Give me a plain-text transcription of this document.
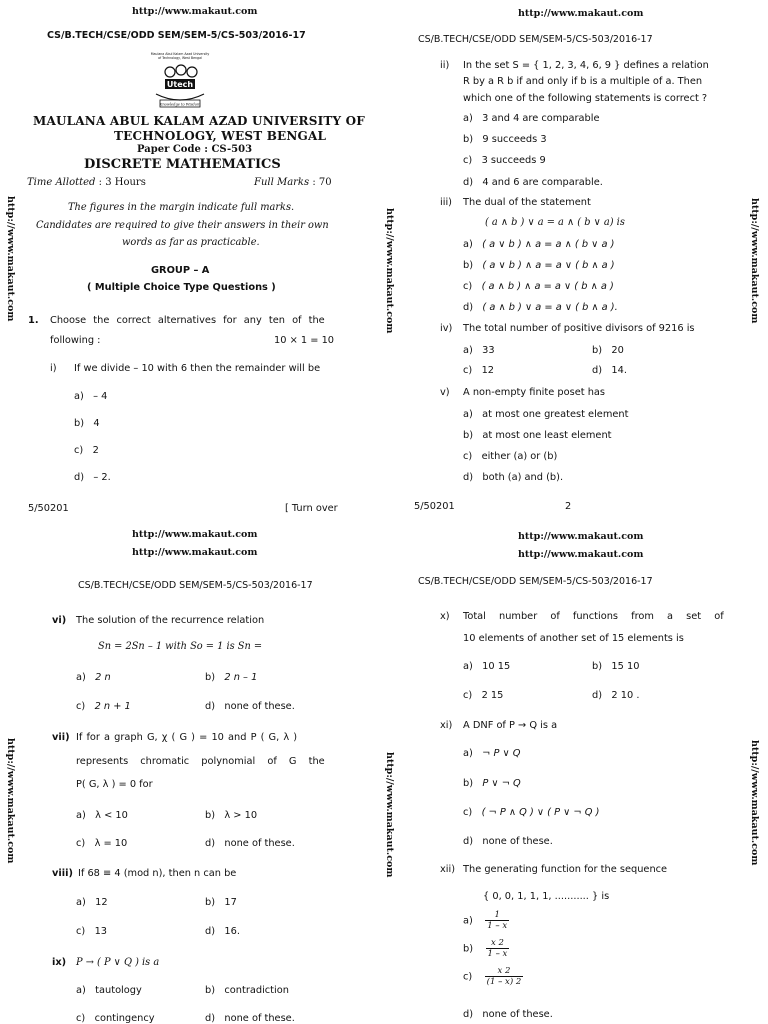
http://www.makaut.com	http://www.makaut.com
http://www.makaut.com
http://www.makaut.com
http://www.makaut.com
http://www.makaut.com
http://www.makaut.com	http://www.makaut.com	http://www.makaut.com
http://www.makaut.com	http://www.makaut.com	http://www.makaut.com
CS/B.TECH/CSE/ODD SEM/SEM-5/CS-503/2016-17
Maulana Abul Kalam Azad University
of Technology, West Bengal
Utech
Knowledge to Wisdom
MAULANA ABUL KALAM AZAD UNIVERSITY OF
TECHNOLOGY, WEST BENGAL
Paper Code : CS-503
DISCRETE MATHEMATICS
Time Allotted : 3 Hours	Full Marks : 70
The figures in the margin indicate full marks.
Candidates are required to give their answers in their own
words as far as practicable.
GROUP – A
( Multiple Choice Type Questions )
1. Choose the correct alternatives for any ten of the
following :	10 × 1 = 10
i) If we divide – 10 with 6 then the remainder will be
a)   – 4
b)   4
c)   2
d)   – 2.
5/50201	[ Turn over
CS/B.TECH/CSE/ODD SEM/SEM-5/CS-503/2016-17
ii) In the set S = { 1, 2, 3, 4, 6, 9 } defines a relation
R by a R b if and only if b is a multiple of a. Then
which one of the following statements is correct ?
a)   3 and 4 are comparable
b)   9 succeeds 3
c)   3 succeeds 9
d)   4 and 6 are comparable.
iii) The dual of the statement
( a ∧ b ) ∨ a = a ∧ ( b ∨ a) is
a)   ( a ∨ b ) ∧ a = a ∧ ( b ∨ a )
b)   ( a ∨ b ) ∧ a = a ∨ ( b ∧ a )
c)   ( a ∧ b ) ∧ a = a ∨ ( b ∧ a )
d)   ( a ∧ b ) ∨ a = a ∨ ( b ∧ a ).
iv) The total number of positive divisors of 9216 is
a)   33	b)   20
c)   12	d)   14.
v) A non-empty finite poset has
a)   at most one greatest element
b)   at most one least element
c)   either (a) or (b)
d)   both (a) and (b).
5/50201	2
CS/B.TECH/CSE/ODD SEM/SEM-5/CS-503/2016-17
vi) The solution of the recurrence relation
Sn = 2Sn – 1 with So = 1 is Sn =
a)   2 n	b)   2 n – 1
c)   2 n + 1	d)   none of these.
vii) If for a graph G, χ ( G ) = 10 and P ( G, λ )
represents chromatic polynomial of G the
P( G, λ ) = 0 for
a)   λ < 10	b)   λ > 10
c)   λ = 10	d)   none of these.
viii) If 68 ≡ 4 (mod n), then n can be
a)   12	b)   17
c)   13	d)   16.
ix) P → ( P ∨ Q ) is a
a)   tautology	b)   contradiction
c)   contingency	d)   none of these.
CS/B.TECH/CSE/ODD SEM/SEM-5/CS-503/2016-17
x) Total number of functions from a set of
10 elements of another set of 15 elements is
a)   10 15	b)   15 10
c)   2 15	d)   2 10 .
xi) A DNF of P → Q is a
a)   ¬ P ∨ Q
b)   P ∨ ¬ Q
c)   ( ¬ P ∧ Q ) ∨ ( P ∨ ¬ Q )
d)   none of these.
xii) The generating function for the sequence
{ 0, 0, 1, 1, 1, ........... } is
$a) \frac{1}{1 - x}$
$b) \frac{x 2}{1 - x}$
$c) \frac{x 2}{(1 - x) 2}$
d)   none of these.
